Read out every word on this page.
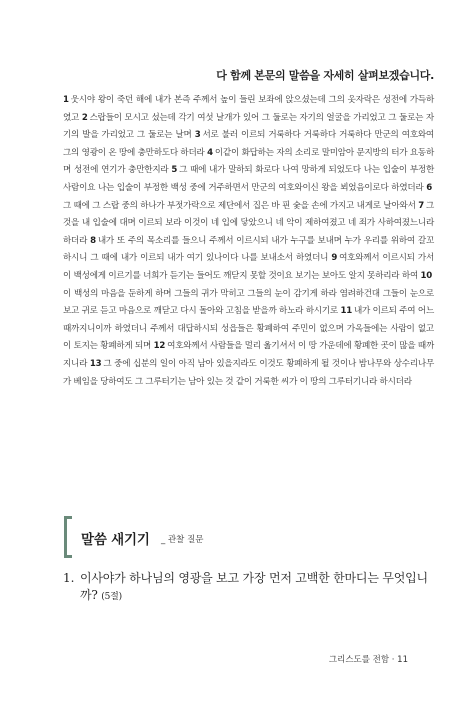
다 함께 본문의 말씀을 자세히 살펴보겠습니다.
1 웃시야 왕이 죽던 해에 내가 본즉 주께서 높이 들린 보좌에 앉으셨는데 그의 옷자락은 성전에 가득하였고 2 스랍들이 모시고 섰는데 각기 여섯 날개가 있어 그 둘로는 자기의 얼굴을 가리었고 그 둘로는 자기의 발을 가리었고 그 둘로는 날며 3 서로 불러 이르되 거룩하다 거룩하다 거룩하다 만군의 여호와여 그의 영광이 온 땅에 충만하도다 하더라 4 이같이 화답하는 자의 소리로 말미암아 문지방의 터가 요동하며 성전에 연기가 충만한지라 5 그 때에 내가 말하되 화로다 나여 망하게 되었도다 나는 입술이 부정한 사람이요 나는 입술이 부정한 백성 중에 거주하면서 만군의 여호와이신 왕을 뵈었음이로다 하였더라 6그 때에 그 스랍 중의 하나가 부젓가락으로 제단에서 집은 바 핀 숯을 손에 가지고 내게로 날아와서 7 그것을 내 입술에 대며 이르되 보라 이것이 네 입에 닿았으니 네 악이 제하여졌고 네 죄가 사하여졌느니라 하더라 8 내가 또 주의 목소리를 들으니 주께서 이르시되 내가 누구를 보내며 누가 우리를 위하여 갈꼬 하시니 그 때에 내가 이르되 내가 여기 있나이다 나를 보내소서 하였더니 9 여호와께서 이르시되 가서 이 백성에게 이르기를 너희가 듣기는 들어도 깨닫지 못할 것이요 보기는 보아도 알지 못하리라 하여 10이 백성의 마음을 둔하게 하며 그들의 귀가 막히고 그들의 눈이 감기게 하라 염려하건대 그들이 눈으로 보고 귀로 듣고 마음으로 깨닫고 다시 돌아와 고침을 받을까 하노라 하시기로 11 내가 이르되 주여 어느 때까지니이까 하였더니 주께서 대답하시되 성읍들은 황폐하여 주민이 없으며 가옥들에는 사람이 없고 이 토지는 황폐하게 되며 12 여호와께서 사람들을 멀리 옮기셔서 이 땅 가운데에 황폐한 곳이 많을 때까지니라 13 그 중에 십분의 일이 아직 남아 있을지라도 이것도 황폐하게 될 것이나 밤나무와 상수리나무가 베임을 당하여도 그 그루터기는 남아 있는 것 같이 거룩한 씨가 이 땅의 그루터기니라 하시더라
말씀 새기기 _ 관찰 질문
1. 이사야가 하나님의 영광을 보고 가장 먼저 고백한 한마디는 무엇입니까? (5절)
그리스도를 전함 · 11
